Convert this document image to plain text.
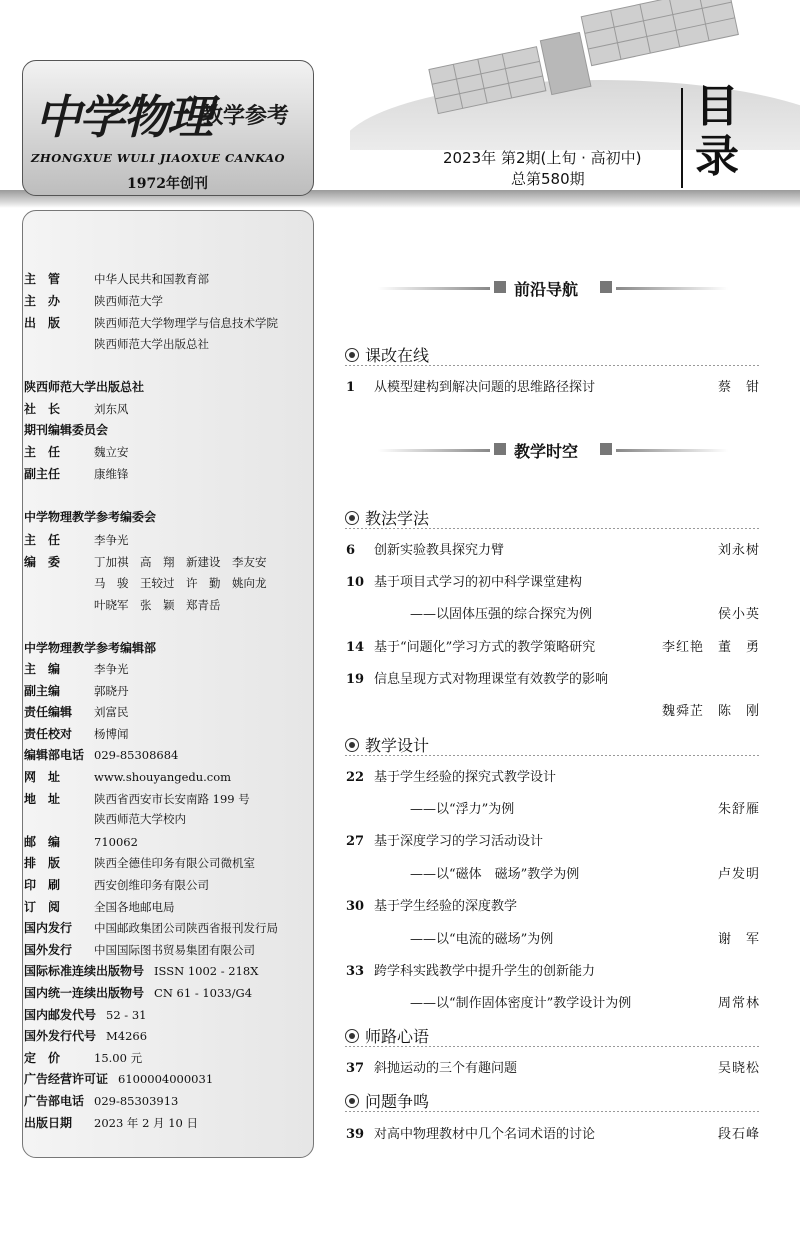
中学物理
教学参考
ZHONGXUE WULI JIAOXUE CANKAO
1972年创刊
2023年 第2期(上旬 · 高初中)
总第580期
目录
主　管	中华人民共和国教育部
主　办	陕西师范大学
出　版	陕西师范大学物理学与信息技术学院
陕西师范大学出版总社
陕西师范大学出版总社
社　长	刘东风
期刊编辑委员会
主　任	魏立安
副主任	康维锋
中学物理教学参考编委会
主　任	李争光
编　委	丁加祺　高　翔　新建设　李友安
马　骏　王较过　许　勤　姚向龙
叶晓军　张　颖　郑青岳
中学物理教学参考编辑部
主　编	李争光
副主编	郭晓丹
责任编辑 刘富民
责任校对 杨博闻
编辑部电话 029-85308684
网　址	www.shouyangedu.com
地　址	陕西省西安市长安南路 199 号
陕西师范大学校内
邮　编	710062
排　版	陕西全德佳印务有限公司微机室
印　刷	西安创维印务有限公司
订　阅	全国各地邮电局
国内发行 中国邮政集团公司陕西省报刊发行局
国外发行 中国国际图书贸易集团有限公司
国际标准连续出版物号 ISSN 1002 - 218X
国内统一连续出版物号 CN 61 - 1033/G4
国内邮发代号 52 - 31
国外发行代号 M4266
定　价	15.00 元
广告经营许可证 6100004000031
广告部电话 029-85303913
出版日期 2023 年 2 月 10 日
前沿导航
课改在线
1 从模型建构到解决问题的思维路径探讨	蔡　钳
教学时空
教法学法
6 创新实验教具探究力臂	刘永树
10 基于项目式学习的初中科学课堂建构
——以固体压强的综合探究为例	侯小英
14 基于“问题化”学习方式的教学策略研究	李红艳　董　勇
19 信息呈现方式对物理课堂有效教学的影响
魏舜芷　陈　刚
教学设计
22 基于学生经验的探究式教学设计
——以“浮力”为例	朱舒雁
27 基于深度学习的学习活动设计
——以“磁体　磁场”教学为例	卢发明
30 基于学生经验的深度教学
——以“电流的磁场”为例	谢　军
33 跨学科实践教学中提升学生的创新能力
——以“制作固体密度计”教学设计为例	周常林
师路心语
37 斜抛运动的三个有趣问题	吴晓松
问题争鸣
39 对高中物理教材中几个名词术语的讨论	段石峰
